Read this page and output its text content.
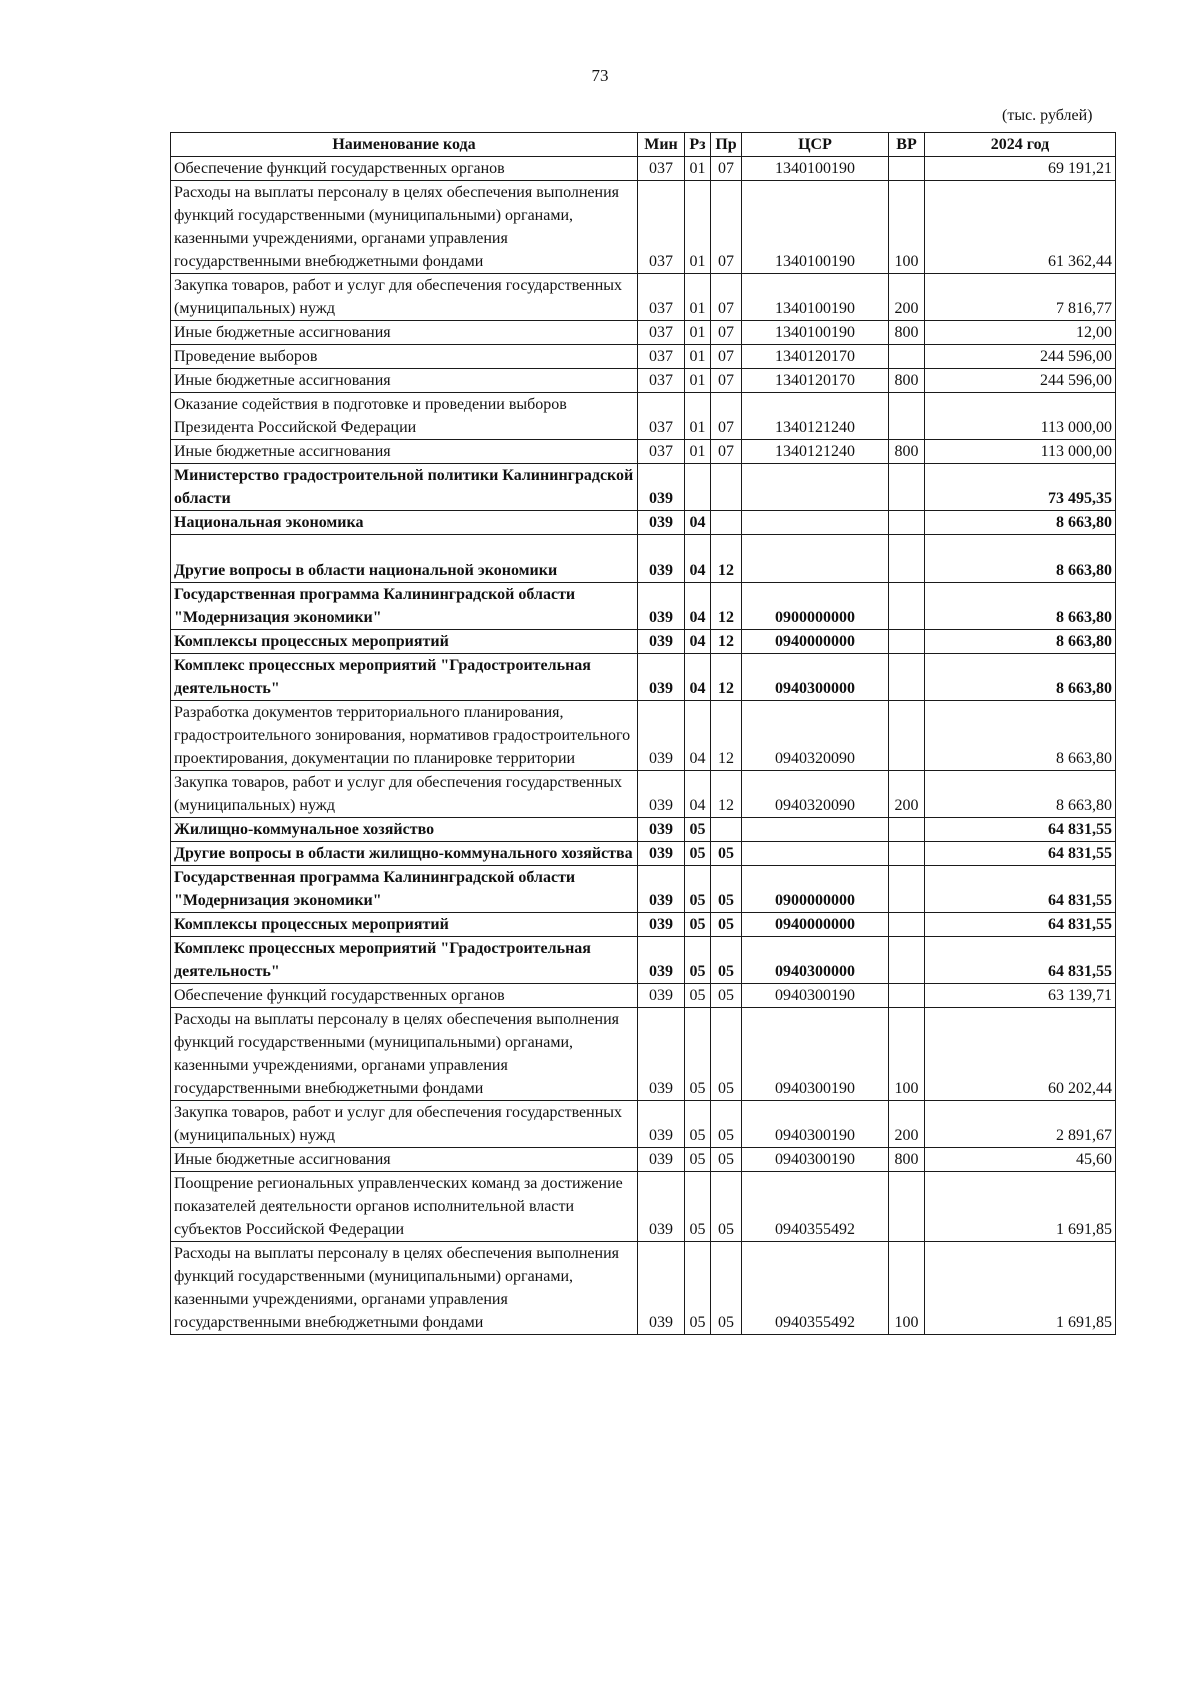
73
(тыс. рублей)
Наименование кода	Мин	Рз	Пр	ЦСР	ВР	2024 год
Обеспечение функций государственных органов	037	01	07	1340100190		69 191,21
Расходы на выплаты персоналу в целях обеспечения выполнения функций государственными (муниципальными) органами, казенными учреждениями, органами управления государственными внебюджетными фондами	037	01	07	1340100190	100	61 362,44
Закупка товаров, работ и услуг для обеспечения государственных (муниципальных) нужд	037	01	07	1340100190	200	7 816,77
Иные бюджетные ассигнования	037	01	07	1340100190	800	12,00
Проведение выборов	037	01	07	1340120170		244 596,00
Иные бюджетные ассигнования	037	01	07	1340120170	800	244 596,00
Оказание содействия в подготовке и проведении выборов Президента Российской Федерации	037	01	07	1340121240		113 000,00
Иные бюджетные ассигнования	037	01	07	1340121240	800	113 000,00
Министерство градостроительной политики Калининградской области	039					73 495,35
Национальная экономика	039	04				8 663,80
Другие вопросы в области национальной экономики	039	04	12			8 663,80
Государственная программа Калининградской области "Модернизация экономики"	039	04	12	0900000000		8 663,80
Комплексы процессных мероприятий	039	04	12	0940000000		8 663,80
Комплекс процессных мероприятий "Градостроительная деятельность"	039	04	12	0940300000		8 663,80
Разработка документов территориального планирования, градостроительного зонирования, нормативов градостроительного проектирования, документации по планировке территории	039	04	12	0940320090		8 663,80
Закупка товаров, работ и услуг для обеспечения государственных (муниципальных) нужд	039	04	12	0940320090	200	8 663,80
Жилищно-коммунальное хозяйство	039	05				64 831,55
Другие вопросы в области жилищно-коммунального хозяйства	039	05	05			64 831,55
Государственная программа Калининградской области "Модернизация экономики"	039	05	05	0900000000		64 831,55
Комплексы процессных мероприятий	039	05	05	0940000000		64 831,55
Комплекс процессных мероприятий "Градостроительная деятельность"	039	05	05	0940300000		64 831,55
Обеспечение функций государственных органов	039	05	05	0940300190		63 139,71
Расходы на выплаты персоналу в целях обеспечения выполнения функций государственными (муниципальными) органами, казенными учреждениями, органами управления государственными внебюджетными фондами	039	05	05	0940300190	100	60 202,44
Закупка товаров, работ и услуг для обеспечения государственных (муниципальных) нужд	039	05	05	0940300190	200	2 891,67
Иные бюджетные ассигнования	039	05	05	0940300190	800	45,60
Поощрение региональных управленческих команд за достижение показателей деятельности органов исполнительной власти субъектов Российской Федерации	039	05	05	0940355492		1 691,85
Расходы на выплаты персоналу в целях обеспечения выполнения функций государственными (муниципальными) органами, казенными учреждениями, органами управления государственными внебюджетными фондами	039	05	05	0940355492	100	1 691,85
